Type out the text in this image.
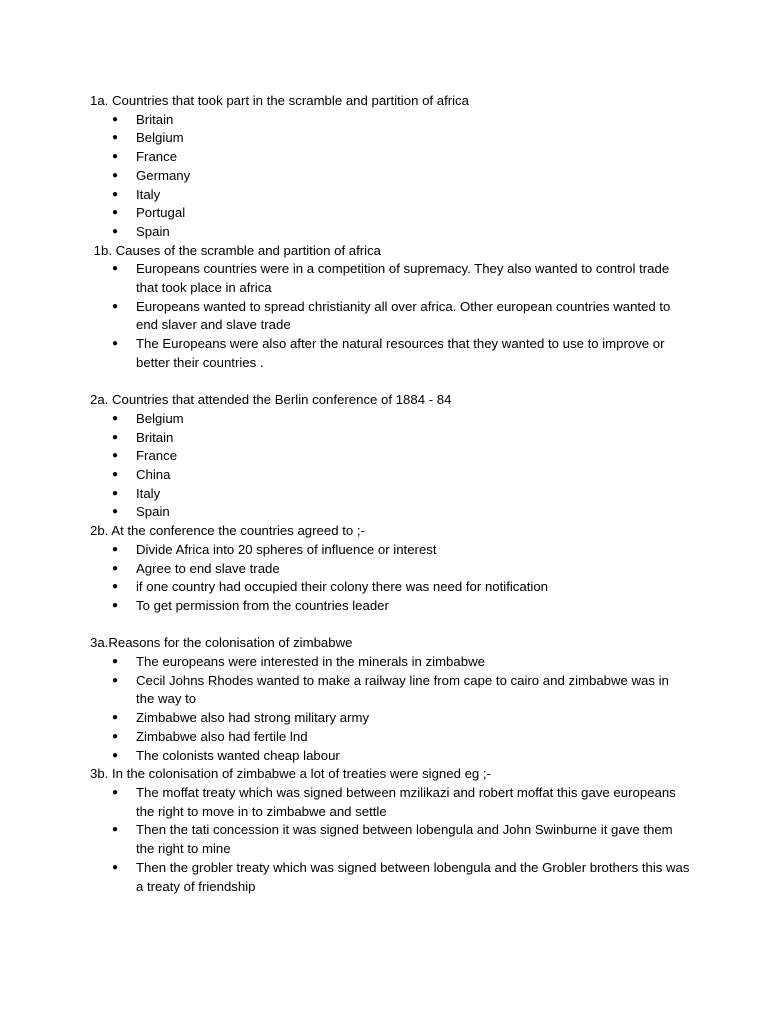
1a. Countries that took part in the scramble and partition of africa

● Britain
● Belgium
● France
● Germany
● Italy
● Portugal
● Spain

1b. Causes of the scramble and partition of africa

● Europeans countries were in a competition of supremacy. They also wanted to control trade that took place in africa
● Europeans wanted to spread christianity all over africa. Other european countries wanted to end slaver and slave trade
● The Europeans were also after the natural resources that they wanted to use to improve or better their countries .

2a. Countries that attended the Berlin conference of 1884 - 84

● Belgium
● Britain
● France
● China
● Italy
● Spain

2b. At the conference the countries agreed to ;-

● Divide Africa into 20 spheres of influence or interest
● Agree to end slave trade
● if one country had occupied their colony there was need for notification
● To get permission from the countries leader

3a.Reasons for the colonisation of zimbabwe

● The europeans were interested in the minerals in zimbabwe
● Cecil Johns Rhodes wanted to make a railway line from cape to cairo and zimbabwe was in the way to
● Zimbabwe also had strong military army
● Zimbabwe also had fertile lnd
● The colonists wanted cheap labour

3b. In the colonisation of zimbabwe a lot of treaties were signed eg ;-

● The moffat treaty which was signed between mzilikazi and robert moffat this gave europeans the right to move in to zimbabwe and settle
● Then the tati concession it was signed between lobengula and John Swinburne it gave them the right to mine
● Then the grobler treaty which was signed between lobengula and the Grobler brothers this was a treaty of friendship
